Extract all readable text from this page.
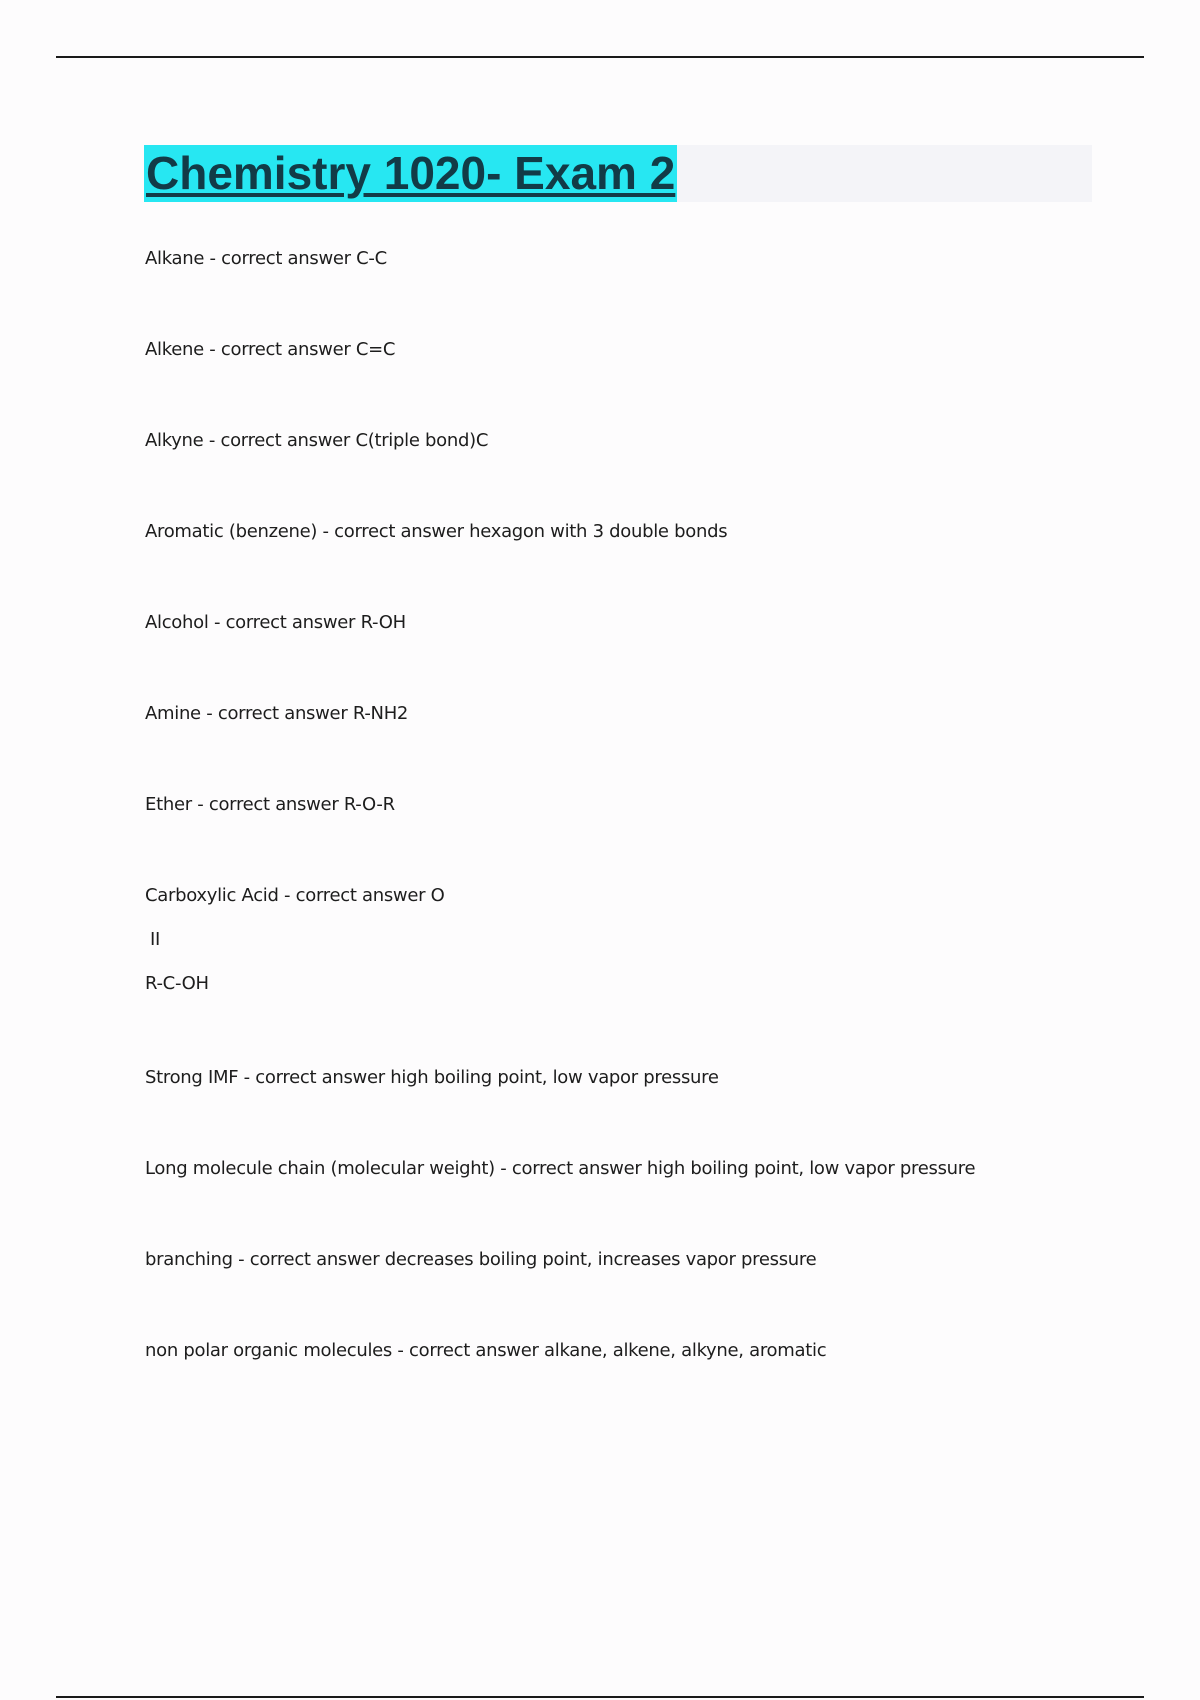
Chemistry 1020- Exam 2

Alkane - correct answer C-C

Alkene - correct answer C=C

Alkyne - correct answer C(triple bond)C

Aromatic (benzene) - correct answer hexagon with 3 double bonds

Alcohol - correct answer R-OH

Amine - correct answer R-NH2

Ether - correct answer R-O-R

Carboxylic Acid - correct answer O
II
R-C-OH

Strong IMF - correct answer high boiling point, low vapor pressure

Long molecule chain (molecular weight) - correct answer high boiling point, low vapor pressure

branching - correct answer decreases boiling point, increases vapor pressure

non polar organic molecules - correct answer alkane, alkene, alkyne, aromatic
